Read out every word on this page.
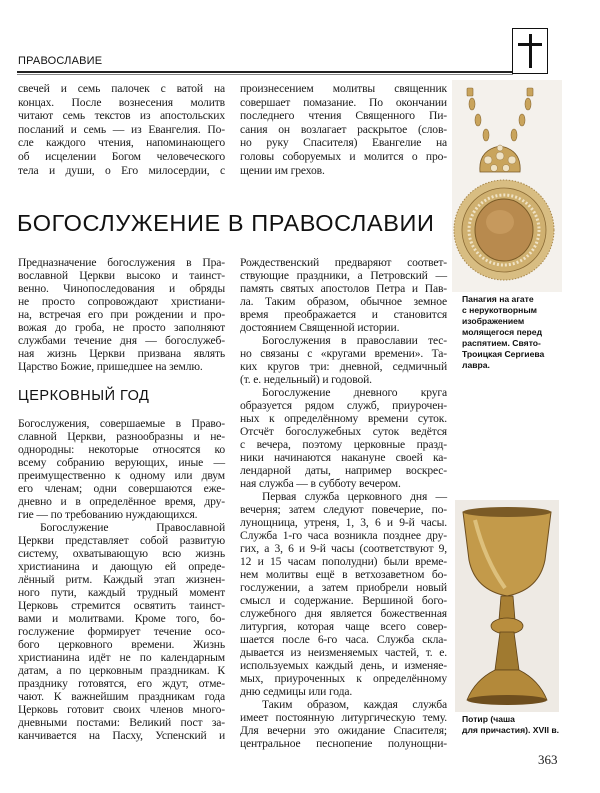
ПРАВОСЛАВИЕ
свечей и семь палочек с ватой на
концах. После вознесения молитв
читают семь текстов из апостольских
посланий и семь — из Евангелия. По-
сле каждого чтения, напоминающего
об исцелении Богом человеческого
тела и души, о Его милосердии, с
произнесением молитвы священник
совершает помазание. По окончании
последнего чтения Священного Пи-
сания он возлагает раскрытое (слов-
но руку Спасителя) Евангелие на
головы соборуемых и молится о про-
щении им грехов.
БОГОСЛУЖЕНИЕ В ПРАВОСЛАВИИ
Предназначение богослужения в Пра-
вославной Церкви высоко и таинст-
венно. Чинопоследования и обряды
не просто сопровождают христиани-
на, встречая его при рождении и про-
вожая до гроба, не просто заполняют
службами течение дня — богослужеб-
ная жизнь Церкви призвана являть
Царство Божие, пришедшее на землю.
ЦЕРКОВНЫЙ ГОД
Богослужения, совершаемые в Право-
славной Церкви, разнообразны и не-
однородны: некоторые относятся ко
всему собранию верующих, иные —
преимущественно к одному или двум
его членам; одни совершаются еже-
дневно и в определённое время, дру-
гие — по требованию нуждающихся.
Богослужение Православной
Церкви представляет собой развитую
систему, охватывающую всю жизнь
христианина и дающую ей опреде-
лённый ритм. Каждый этап жизнен-
ного пути, каждый трудный момент
Церковь стремится освятить таинст-
вами и молитвами. Кроме того, бо-
гослужение формирует течение осо-
бого церковного времени. Жизнь
христианина идёт не по календарным
датам, а по церковным праздникам. К
празднику готовятся, его ждут, отме-
чают. К важнейшим праздникам года
Церковь готовит своих членов много-
дневными постами: Великий пост за-
канчивается на Пасху, Успенский и
Рождественский предваряют соответ-
ствующие праздники, а Петровский —
память святых апостолов Петра и Пав-
ла. Таким образом, обычное земное
время преображается и становится
достоянием Священной истории.
Богослужения в православии тес-
но связаны с «кругами времени». Та-
ких кругов три: дневной, седмичный
(т. е. недельный) и годовой.
Богослужение дневного круга
образуется рядом служб, приурочен-
ных к определённому времени суток.
Отсчёт богослужебных суток ведётся
с вечера, поэтому церковные празд-
ники начинаются накануне своей ка-
лендарной даты, например воскрес-
ная служба — в субботу вечером.
Первая служба церковного дня —
вечерня; затем следуют повечерие, по-
лунощница, утреня, 1, 3, 6 и 9-й часы.
Служба 1-го часа возникла позднее дру-
гих, а 3, 6 и 9-й часы (соответствуют 9,
12 и 15 часам пополудни) были време-
нем молитвы ещё в ветхозаветном бо-
гослужении, а затем приобрели новый
смысл и содержание. Вершиной бого-
служебного дня является божественная
литургия, которая чаще всего совер-
шается после 6-го часа. Служба скла-
дывается из неизменяемых частей, т. е.
используемых каждый день, и изменяе-
мых, приуроченных к определённому
дню седмицы или года.
Таким образом, каждая служба
имеет постоянную литургическую тему.
Для вечерни это ожидание Спасителя;
центральное песнопение полунощни-
Панагия на агате
с нерукотворным
изображением
молящегося перед
распятием. Свято-
Троицкая Сергиева
лавра.
Потир (чаша
для причастия). XVII в.
363
